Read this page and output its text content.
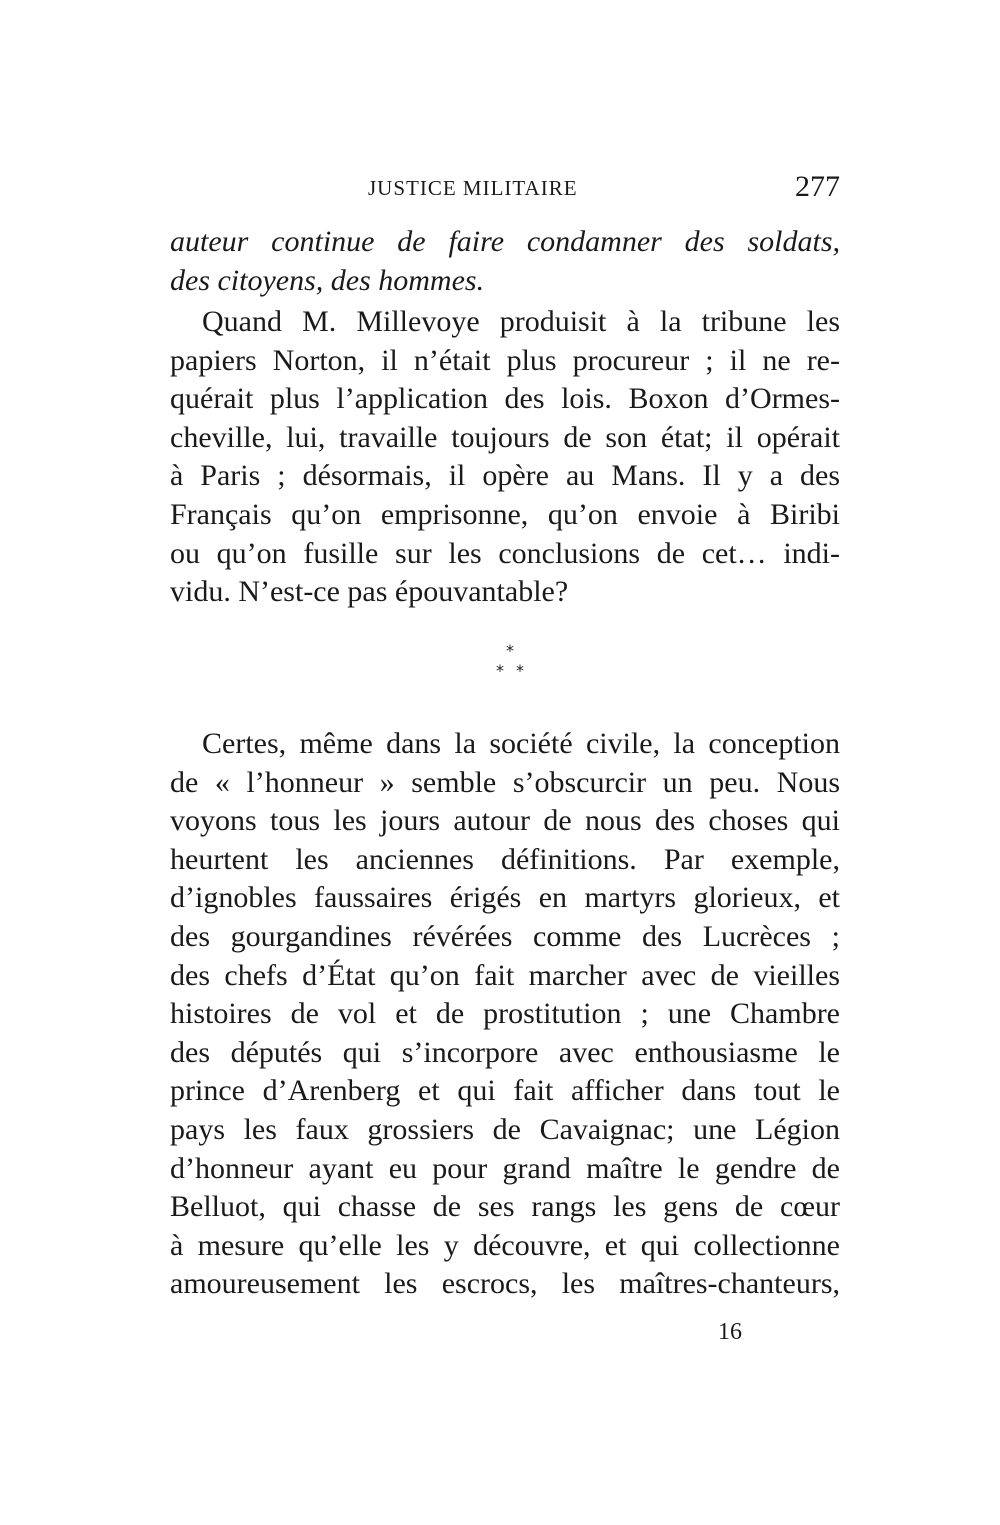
JUSTICE MILITAIRE	277
auteur continue de faire condamner des soldats,
des citoyens, des hommes.
Quand M. Millevoye produisit à la tribune les
papiers Norton, il n’était plus procureur ; il ne re-
quérait plus l’application des lois. Boxon d’Ormes-
cheville, lui, travaille toujours de son état; il opérait
à Paris ; désormais, il opère au Mans. Il y a des
Français qu’on emprisonne, qu’on envoie à Biribi
ou qu’on fusille sur les conclusions de cet… indi-
vidu. N’est-ce pas épouvantable?
*
* *
Certes, même dans la société civile, la conception
de « l’honneur » semble s’obscurcir un peu. Nous
voyons tous les jours autour de nous des choses qui
heurtent les anciennes définitions. Par exemple,
d’ignobles faussaires érigés en martyrs glorieux, et
des gourgandines révérées comme des Lucrèces ;
des chefs d’État qu’on fait marcher avec de vieilles
histoires de vol et de prostitution ; une Chambre
des députés qui s’incorpore avec enthousiasme le
prince d’Arenberg et qui fait afficher dans tout le
pays les faux grossiers de Cavaignac; une Légion
d’honneur ayant eu pour grand maître le gendre de
Belluot, qui chasse de ses rangs les gens de cœur
à mesure qu’elle les y découvre, et qui collectionne
amoureusement les escrocs, les maîtres-chanteurs,
16
